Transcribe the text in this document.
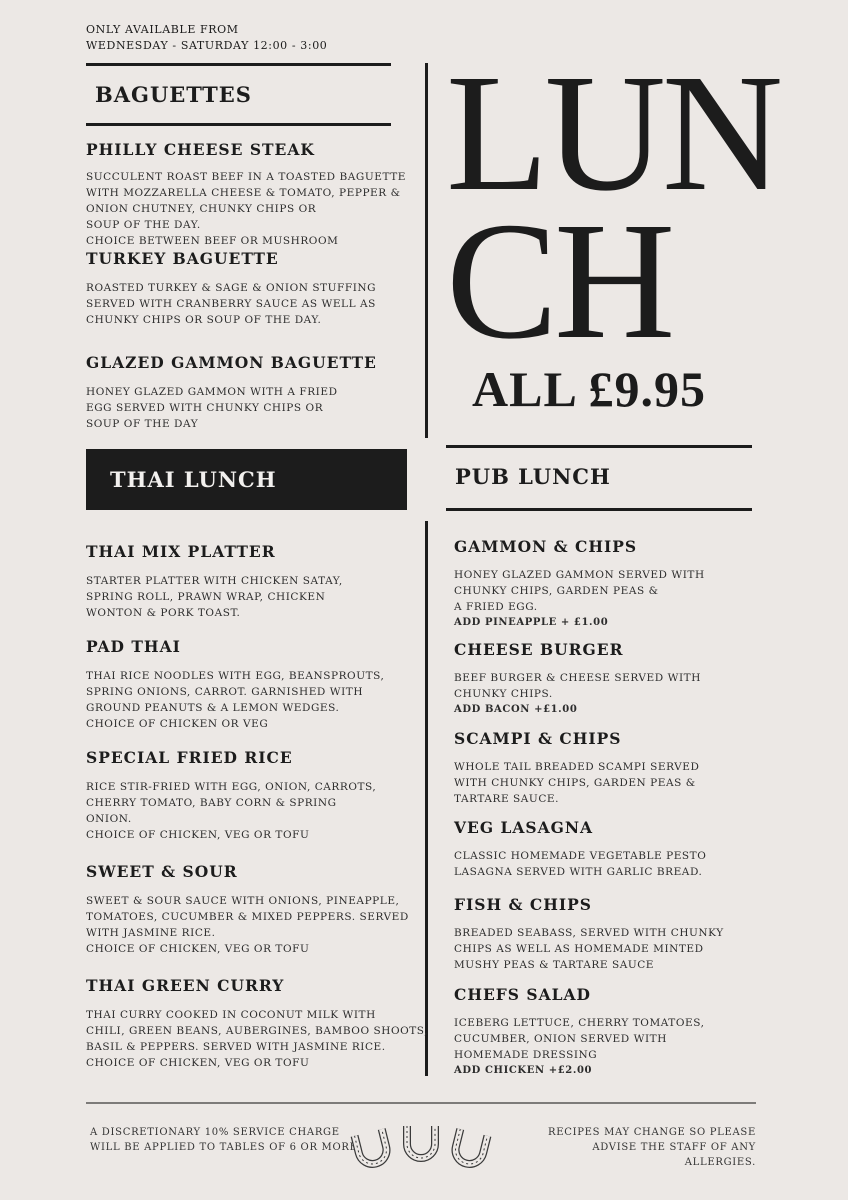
ONLY AVAILABLE FROM
WEDNESDAY - SATURDAY 12:00 - 3:00
BAGUETTES
PHILLY CHEESE STEAK
SUCCULENT ROAST BEEF IN A TOASTED BAGUETTE
WITH MOZZARELLA CHEESE & TOMATO, PEPPER &
ONION CHUTNEY, CHUNKY CHIPS OR
SOUP OF THE DAY.
CHOICE BETWEEN BEEF OR MUSHROOM
TURKEY BAGUETTE
ROASTED TURKEY & SAGE & ONION STUFFING
SERVED WITH CRANBERRY SAUCE AS WELL AS
CHUNKY CHIPS OR SOUP OF THE DAY.
GLAZED GAMMON BAGUETTE
HONEY GLAZED GAMMON WITH A FRIED
EGG SERVED WITH CHUNKY CHIPS OR
SOUP OF THE DAY
LUN
CH
ALL £9.95
THAI LUNCH	PUB LUNCH
THAI MIX PLATTER
STARTER PLATTER WITH CHICKEN SATAY,
SPRING ROLL, PRAWN WRAP, CHICKEN
WONTON & PORK TOAST.
PAD THAI
THAI RICE NOODLES WITH EGG, BEANSPROUTS,
SPRING ONIONS, CARROT. GARNISHED WITH
GROUND PEANUTS & A LEMON WEDGES.
CHOICE OF CHICKEN OR VEG
SPECIAL FRIED RICE
RICE STIR-FRIED WITH EGG, ONION, CARROTS,
CHERRY TOMATO, BABY CORN & SPRING
ONION.
CHOICE OF CHICKEN, VEG OR TOFU
SWEET & SOUR
SWEET & SOUR SAUCE WITH ONIONS, PINEAPPLE,
TOMATOES, CUCUMBER & MIXED PEPPERS. SERVED
WITH JASMINE RICE.
CHOICE OF CHICKEN, VEG OR TOFU
THAI GREEN CURRY
THAI CURRY COOKED IN COCONUT MILK WITH
CHILI, GREEN BEANS, AUBERGINES, BAMBOO SHOOTS,
BASIL & PEPPERS. SERVED WITH JASMINE RICE.
CHOICE OF CHICKEN, VEG OR TOFU
GAMMON & CHIPS
HONEY GLAZED GAMMON SERVED WITH
CHUNKY CHIPS, GARDEN PEAS &
A FRIED EGG.
ADD PINEAPPLE + £1.00
CHEESE BURGER
BEEF BURGER & CHEESE SERVED WITH
CHUNKY CHIPS.
ADD BACON +£1.00
SCAMPI & CHIPS
WHOLE TAIL BREADED SCAMPI SERVED
WITH CHUNKY CHIPS, GARDEN PEAS &
TARTARE SAUCE.
VEG LASAGNA
CLASSIC HOMEMADE VEGETABLE PESTO
LASAGNA SERVED WITH GARLIC BREAD.
FISH & CHIPS
BREADED SEABASS, SERVED WITH CHUNKY
CHIPS AS WELL AS HOMEMADE MINTED
MUSHY PEAS & TARTARE SAUCE
CHEFS SALAD
ICEBERG LETTUCE, CHERRY TOMATOES,
CUCUMBER, ONION SERVED WITH
HOMEMADE DRESSING
ADD CHICKEN +£2.00
A DISCRETIONARY 10% SERVICE CHARGE
WILL BE APPLIED TO TABLES OF 6 OR MORE
RECIPES MAY CHANGE SO PLEASE
ADVISE THE STAFF OF ANY ALLERGIES.
